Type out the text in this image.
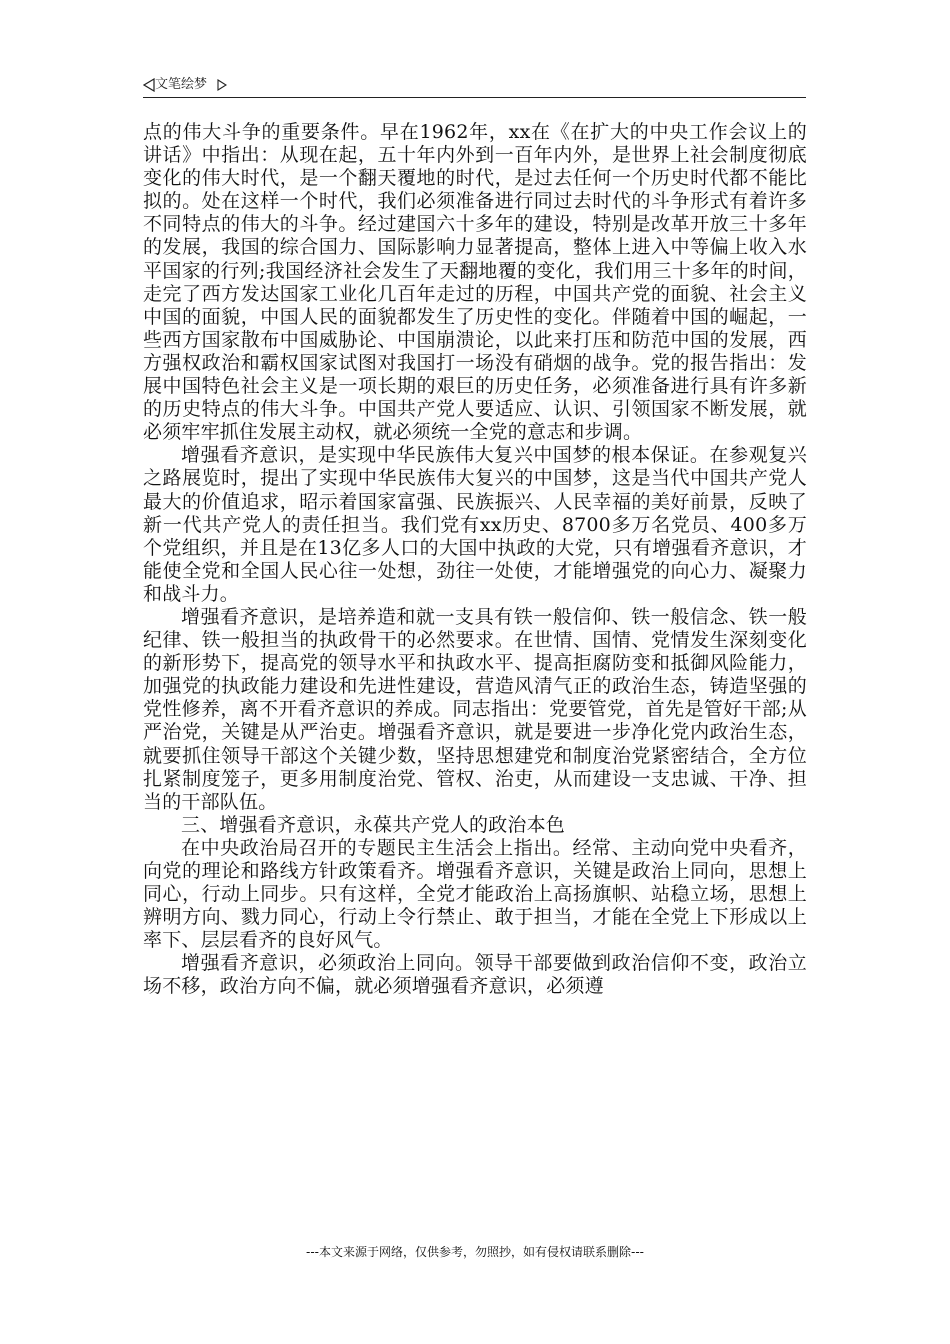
文笔绘梦

点的伟大斗争的重要条件。早在1962年，xx在《在扩大的中央工作会议上的讲话》中指出：从现在起，五十年内外到一百年内外，是世界上社会制度彻底变化的伟大时代，是一个翻天覆地的时代，是过去任何一个历史时代都不能比拟的。处在这样一个时代，我们必须准备进行同过去时代的斗争形式有着许多不同特点的伟大的斗争。经过建国六十多年的建设，特别是改革开放三十多年的发展，我国的综合国力、国际影响力显著提高，整体上进入中等偏上收入水平国家的行列;我国经济社会发生了天翻地覆的变化，我们用三十多年的时间，走完了西方发达国家工业化几百年走过的历程，中国共产党的面貌、社会主义中国的面貌，中国人民的面貌都发生了历史性的变化。伴随着中国的崛起，一些西方国家散布中国威胁论、中国崩溃论，以此来打压和防范中国的发展，西方强权政治和霸权国家试图对我国打一场没有硝烟的战争。党的报告指出：发展中国特色社会主义是一项长期的艰巨的历史任务，必须准备进行具有许多新的历史特点的伟大斗争。中国共产党人要适应、认识、引领国家不断发展，就必须牢牢抓住发展主动权，就必须统一全党的意志和步调。

增强看齐意识，是实现中华民族伟大复兴中国梦的根本保证。在参观复兴之路展览时，提出了实现中华民族伟大复兴的中国梦，这是当代中国共产党人最大的价值追求，昭示着国家富强、民族振兴、人民幸福的美好前景，反映了新一代共产党人的责任担当。我们党有xx历史、8700多万名党员、400多万个党组织，并且是在13亿多人口的大国中执政的大党，只有增强看齐意识，才能使全党和全国人民心往一处想，劲往一处使，才能增强党的向心力、凝聚力和战斗力。

增强看齐意识，是培养造和就一支具有铁一般信仰、铁一般信念、铁一般纪律、铁一般担当的执政骨干的必然要求。在世情、国情、党情发生深刻变化的新形势下，提高党的领导水平和执政水平、提高拒腐防变和抵御风险能力，加强党的执政能力建设和先进性建设，营造风清气正的政治生态，铸造坚强的党性修养，离不开看齐意识的养成。同志指出：党要管党，首先是管好干部;从严治党，关键是从严治吏。增强看齐意识，就是要进一步净化党内政治生态，就要抓住领导干部这个关键少数，坚持思想建党和制度治党紧密结合，全方位扎紧制度笼子，更多用制度治党、管权、治吏，从而建设一支忠诚、干净、担当的干部队伍。

三、增强看齐意识，永葆共产党人的政治本色

在中央政治局召开的专题民主生活会上指出。经常、主动向党中央看齐，向党的理论和路线方针政策看齐。增强看齐意识，关键是政治上同向，思想上同心，行动上同步。只有这样，全党才能政治上高扬旗帜、站稳立场，思想上辨明方向、戮力同心，行动上令行禁止、敢于担当，才能在全党上下形成以上率下、层层看齐的良好风气。

增强看齐意识，必须政治上同向。领导干部要做到政治信仰不变，政治立场不移，政治方向不偏，就必须增强看齐意识，必须遵

---本文来源于网络，仅供参考，勿照抄，如有侵权请联系删除---
